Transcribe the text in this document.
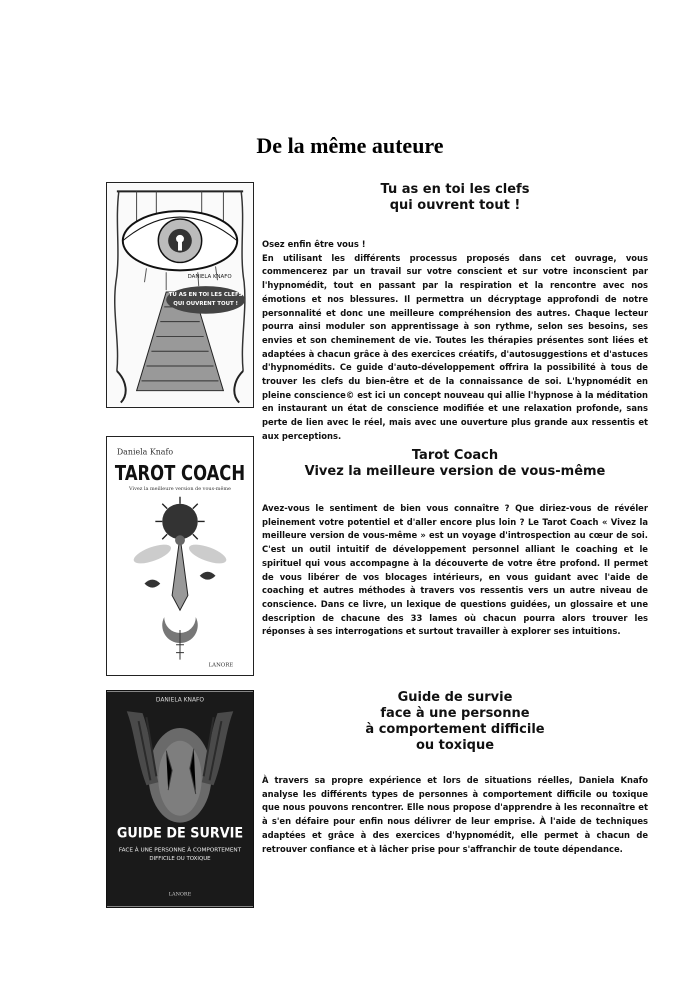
De la même auteure
DANIELA KNAFO
TU AS EN TOI LES CLEFS
QUI OUVRENT TOUT !
Tu as en toi les clefs
qui ouvrent tout !

Osez enfin être vous !

En utilisant les différents processus proposés dans cet ouvrage, vous commencerez par un travail sur votre conscient et sur votre inconscient par l'hypnomédit, tout en passant par la respiration et la rencontre avec nos émotions et nos blessures. Il permettra un décryptage approfondi de notre personnalité et donc une meilleure compréhension des autres. Chaque lecteur pourra ainsi moduler son apprentissage à son rythme, selon ses besoins, ses envies et son cheminement de vie. Toutes les thérapies présentes sont liées et adaptées à chacun grâce à des exercices créatifs, d'autosuggestions et d'astuces d'hypnomédits. Ce guide d'auto-développement offrira la possibilité à tous de trouver les clefs du bien-être et de la connaissance de soi. L'hypnomédit en pleine conscience© est ici un concept nouveau qui allie l'hypnose à la méditation en instaurant un état de conscience modifiée et une relaxation profonde, sans perte de lien avec le réel, mais avec une ouverture plus grande aux ressentis et aux perceptions.

Daniela Knafo
TAROT COACH
Vivez la meilleure version de vous-même
LANORE
Tarot Coach
Vivez la meilleure version de vous-même

Avez-vous le sentiment de bien vous connaître ? Que diriez-vous de révéler pleinement votre potentiel et d'aller encore plus loin ? Le Tarot Coach « Vivez la meilleure version de vous-même » est un voyage d'introspection au cœur de soi. C'est un outil intuitif de développement personnel alliant le coaching et le spirituel qui vous accompagne à la découverte de votre être profond. Il permet de vous libérer de vos blocages intérieurs, en vous guidant avec l'aide de coaching et autres méthodes à travers vos ressentis vers un autre niveau de conscience. Dans ce livre, un lexique de questions guidées, un glossaire et une description de chacune des 33 lames où chacun pourra alors trouver les réponses à ses interrogations et surtout travailler à explorer ses intuitions.

DANIELA KNAFO
GUIDE DE SURVIE
FACE À UNE PERSONNE À COMPORTEMENT
DIFFICILE OU TOXIQUE
LANORE
Guide de survie
face à une personne
à comportement difficile
ou toxique

À travers sa propre expérience et lors de situations réelles, Daniela Knafo analyse les différents types de personnes à comportement difficile ou toxique que nous pouvons rencontrer. Elle nous propose d'apprendre à les reconnaître et à s'en défaire pour enfin nous délivrer de leur emprise. À l'aide de techniques adaptées et grâce à des exercices d'hypnomédit, elle permet à chacun de retrouver confiance et à lâcher prise pour s'affranchir de toute dépendance.
